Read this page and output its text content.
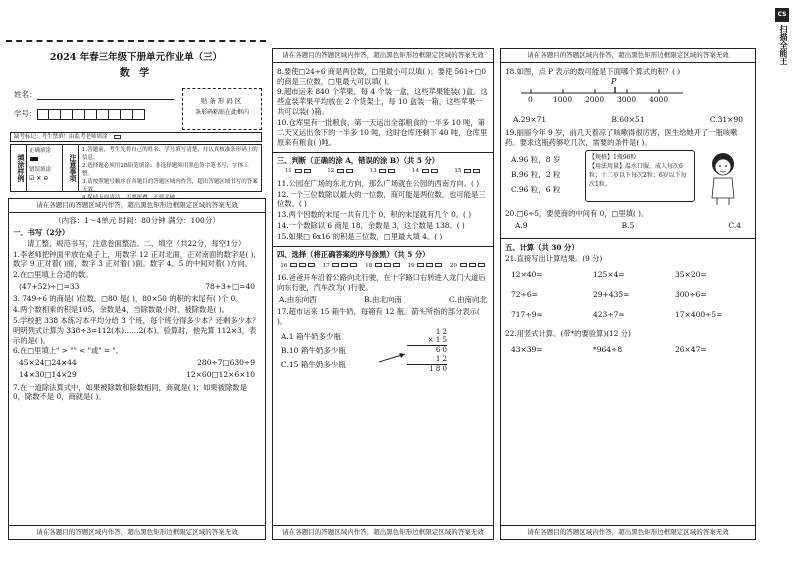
2024 年春三年级下册单元作业单（三）
数 学
姓名：
学号：
贴条形码区
条形码粘贴在此框内
缺考标记：考生禁填！由监考老师填涂
填涂样例
正确填涂
错误填涂
☑ ✕ ⊖	注意事项
1.答题前，考生先将自己的姓名、学号填写清楚，并认真核准条形码上的信息。
2.选择题必须用2B铅笔填涂；非选择题须用黑色签字笔书写，字体工整。
3.请按照题号顺序在各题目的答题区域内作答，超出答题区域书写的答案无效。
请在各题目的答题区域内作答，超出黑色矩形边框限定区域的答案无效
（内容：1～4单元 时间：80分钟 满分：100分）
一、书写（2分）
请工整、规范书写，注意卷面整洁。二、填空（共22分，每空1分）
1.李老师把钟面平放在桌子上，用数字 12 正对北面，正对南面的数字是( )，数字 9 正对着( )面，数字 3 正对着( )面。数字 4、5 的中间对着( )方向。
2.在□里填上合适的数。
(47+52)÷□=33	78+3+□=40
3. 749÷6 的商是( )位数，□80 是( )，80×50 的积的末尾有( )个 0。
4.两个数相乘的积是105，余数是4，当除数最小时，被除数是( )。
5.学校把 338 本练习本平均分给 3 个班，每个班分得多少本？还剩多少本？明明列式计算为 338÷3=112(本)……2(本)。验算时，他先算 112×3，表示的是( )。
6.在□里填上" > "" < "或" = "。
45×24□24×44	280÷7□630÷9
14×30□14×29	12×60□12×6×10
7.在一道除法算式中，如果被除数和除数相同，商就是( )；如果被除数是 0，除数不是 0，商就是( )。
请在各题目的答题区域内作答，超出黑色矩形边框限定区域的答案无效
请在各题目的答题区域内作答，超出黑色矩形边框限定区域的答案无效
8.要使□24÷6 商是两位数，□里最小可以填( )；要使 561÷□0 的商是三位数，□里最大可以填( )。
9.超市运来 840 个苹果，每 4 个装一盒，这些苹果能装( )盒。这些盒装苹果平均放在 2 个货架上，每 10 盒装一箱，这些苹果一共可以装( )箱。
10.仓库里有一批粮食，第一天运出全部粮食的一半多 10 吨，第二天又运出余下的一半多 10 吨，这时仓库还剩下 40 吨，仓库里原来有粮食( )吨。
三、判断（正确的涂 A，错误的涂 B）（共 5 分）
11	12	13	14	15
11.公园在广场的东北方向，那么广场就在公园的西南方向。( )
12.一个三位数除以最大的一位数，商可能是两位数，也可能是三位数。( )
13.两个因数的末尾一共有几个 0，积的末尾就有几个 0。( )
14.一个数除以 6 商是 18，余数是 3，这个数是 138。( )
15.如果□ 6x16 的积是三位数，□里最大填 4。( )
四、选择（将正确答案的序号涂黑）（共 5 分）
16	17	18	19	20
16.爸爸开车沿着公路向北行驶，在十字路口右转进入龙门大道后向东行驶，汽车改为( )行驶。
A.由东向西	B.由北向南	C.由南向北
17.超市运来 15 箱牛奶，每箱有 12 瓶。箭头所指的部分表示( )。
A.1 箱牛奶多少瓶
B.10 箱牛奶多少瓶
C.15 箱牛奶多少瓶
1 2
× 1 5
6 0
1 2
1 8 0
请在各题目的答题区域内作答，超出黑色矩形边框限定区域的答案无效
请在各题目的答题区域内作答，超出黑色矩形边框限定区域的答案无效
18.如图，点 P 表示的数可能是下面哪个算式的积？( )
P
0	1000 2000 3000 4000
A.29×71	B.60×51	C.31×90
19.丽丽今年 9 岁，前几天着凉了咳嗽得很厉害，医生给她开了一瓶咳嗽药。要求这瓶药够吃几次，需要的条件是( )。
A.96 粒，8 岁
B.96 粒，2 粒
C.96 粒，6 粒
【规格】1瓶96粒
【用法用量】温水口服，成人每次6粒；十二岁以下每次2粒；6岁以下每次1粒。
20.□6÷5，要使商的中间有 0，□里填( )。
A.9	B.5	C.4
五、计算（共 30 分）
21.直接写出计算结果。(9 分)
12×40=	125×4=	35×20=
72÷6=	29+435=	300÷6=
717÷9≈	423÷7≈	17×400÷5=
22.用竖式计算。(带*的要验算)(12 分)
43×39=	*964÷8	26×47=
请在各题目的答题区域内作答，超出黑色矩形边框限定区域的答案无效
CS
扫描全能王
